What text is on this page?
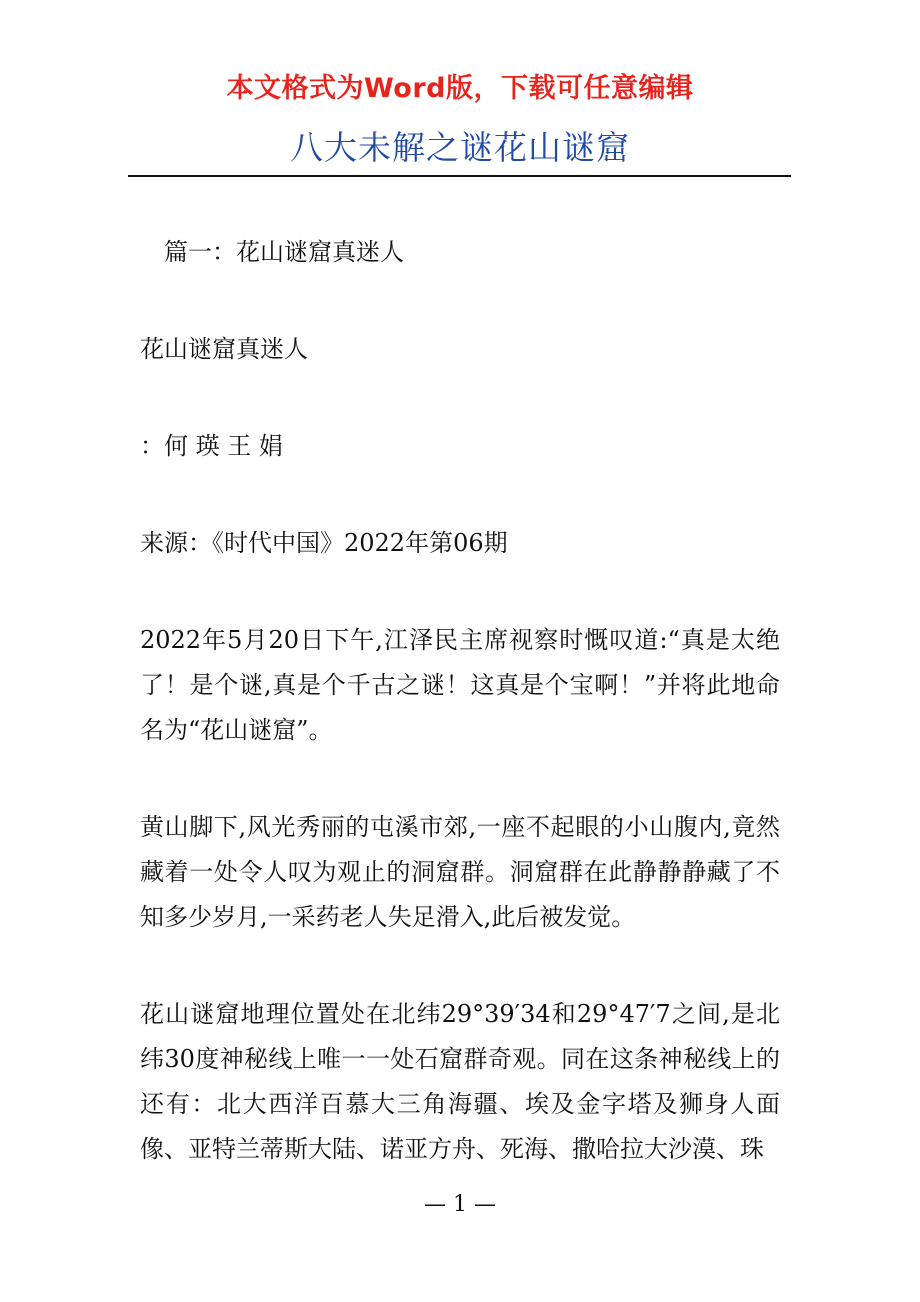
本文格式为Word版，下载可任意编辑
八大未解之谜花山谜窟

篇一：花山谜窟真迷人

花山谜窟真迷人

：何 瑛 王 娟

来源：《时代中国》2022年第06期

2022年5月20日下午,江泽民主席视察时慨叹道:“真是太绝了！是个谜,真是个千古之谜！这真是个宝啊！”并将此地命名为“花山谜窟”。

黄山脚下,风光秀丽的屯溪市郊,一座不起眼的小山腹内,竟然藏着一处令人叹为观止的洞窟群。洞窟群在此静静静藏了不知多少岁月,一采药老人失足滑入,此后被发觉。

花山谜窟地理位置处在北纬29°39′34和29°47′7之间,是北纬30度神秘线上唯一一处石窟群奇观。同在这条神秘线上的还有：北大西洋百慕大三角海疆、埃及金字塔及狮身人面像、亚特兰蒂斯大陆、诺亚方舟、死海、撒哈拉大沙漠、珠

— 1 —
